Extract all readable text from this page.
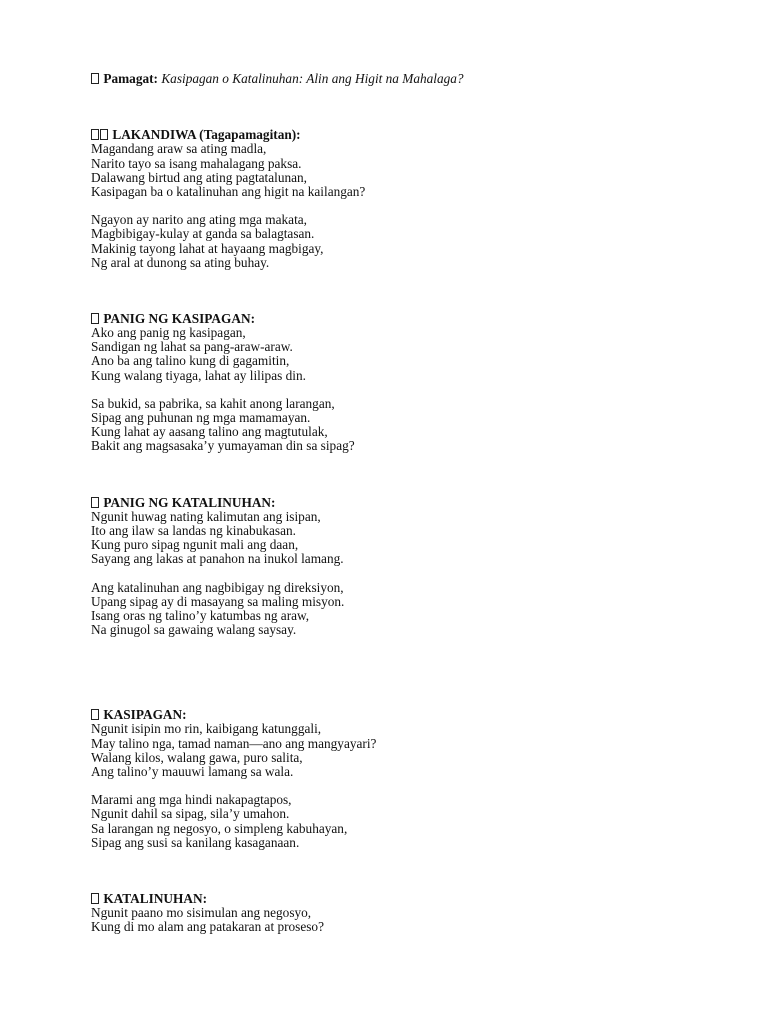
Pamagat: Kasipagan o Katalinuhan: Alin ang Higit na Mahalaga?
LAKANDIWA (Tagapamagitan):
Magandang araw sa ating madla,
Narito tayo sa isang mahalagang paksa.
Dalawang birtud ang ating pagtatalunan,
Kasipagan ba o katalinuhan ang higit na kailangan?
Ngayon ay narito ang ating mga makata,
Magbibigay-kulay at ganda sa balagtasan.
Makinig tayong lahat at hayaang magbigay,
Ng aral at dunong sa ating buhay.
PANIG NG KASIPAGAN:
Ako ang panig ng kasipagan,
Sandigan ng lahat sa pang-araw-araw.
Ano ba ang talino kung di gagamitin,
Kung walang tiyaga, lahat ay lilipas din.
Sa bukid, sa pabrika, sa kahit anong larangan,
Sipag ang puhunan ng mga mamamayan.
Kung lahat ay aasang talino ang magtutulak,
Bakit ang magsasaka’y yumayaman din sa sipag?
PANIG NG KATALINUHAN:
Ngunit huwag nating kalimutan ang isipan,
Ito ang ilaw sa landas ng kinabukasan.
Kung puro sipag ngunit mali ang daan,
Sayang ang lakas at panahon na inukol lamang.
Ang katalinuhan ang nagbibigay ng direksiyon,
Upang sipag ay di masayang sa maling misyon.
Isang oras ng talino’y katumbas ng araw,
Na ginugol sa gawaing walang saysay.
KASIPAGAN:
Ngunit isipin mo rin, kaibigang katunggali,
May talino nga, tamad naman—ano ang mangyayari?
Walang kilos, walang gawa, puro salita,
Ang talino’y mauuwi lamang sa wala.
Marami ang mga hindi nakapagtapos,
Ngunit dahil sa sipag, sila’y umahon.
Sa larangan ng negosyo, o simpleng kabuhayan,
Sipag ang susi sa kanilang kasaganaan.
KATALINUHAN:
Ngunit paano mo sisimulan ang negosyo,
Kung di mo alam ang patakaran at proseso?
